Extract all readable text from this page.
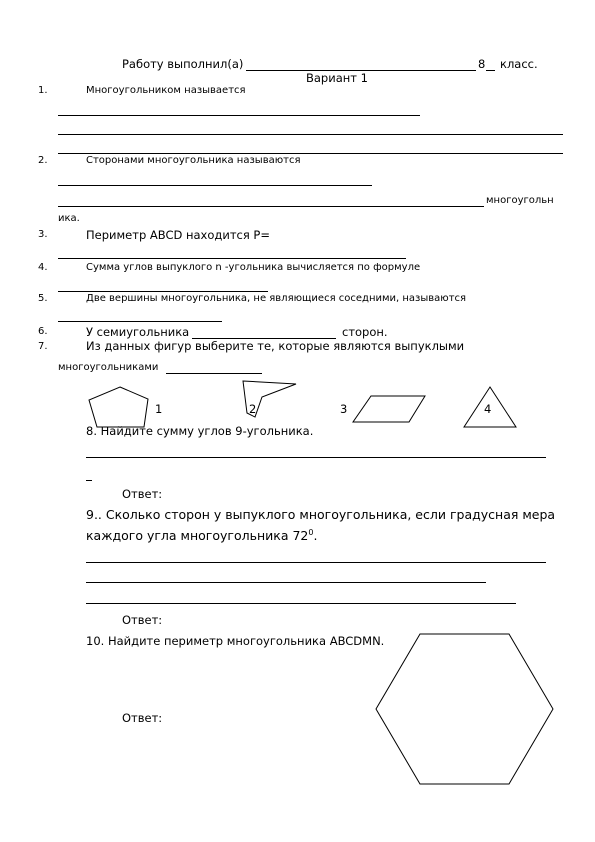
Работу выполнил(а)	8 класс.
Вариант 1
1.	Многоугольником называется
2.	Сторонами многоугольника называются
многоугольн
ика.
3.	Периметр ABCD находится P=
4.	Сумма углов выпуклого n -угольника вычисляется по формуле
5.	Две вершины многоугольника, не являющиеся соседними, называются
6.	У семиугольника	сторон.
7.	Из данных фигур выберите те, которые являются выпуклыми
многоугольниками
1	2	3	4
8. Найдите сумму углов 9-угольника.
Ответ:
9.. Сколько сторон у выпуклого многоугольника, если градусная мера
каждого угла многоугольника $72^0$.
Ответ:
10. Найдите периметр многоугольника ABCDMN.
Ответ:
